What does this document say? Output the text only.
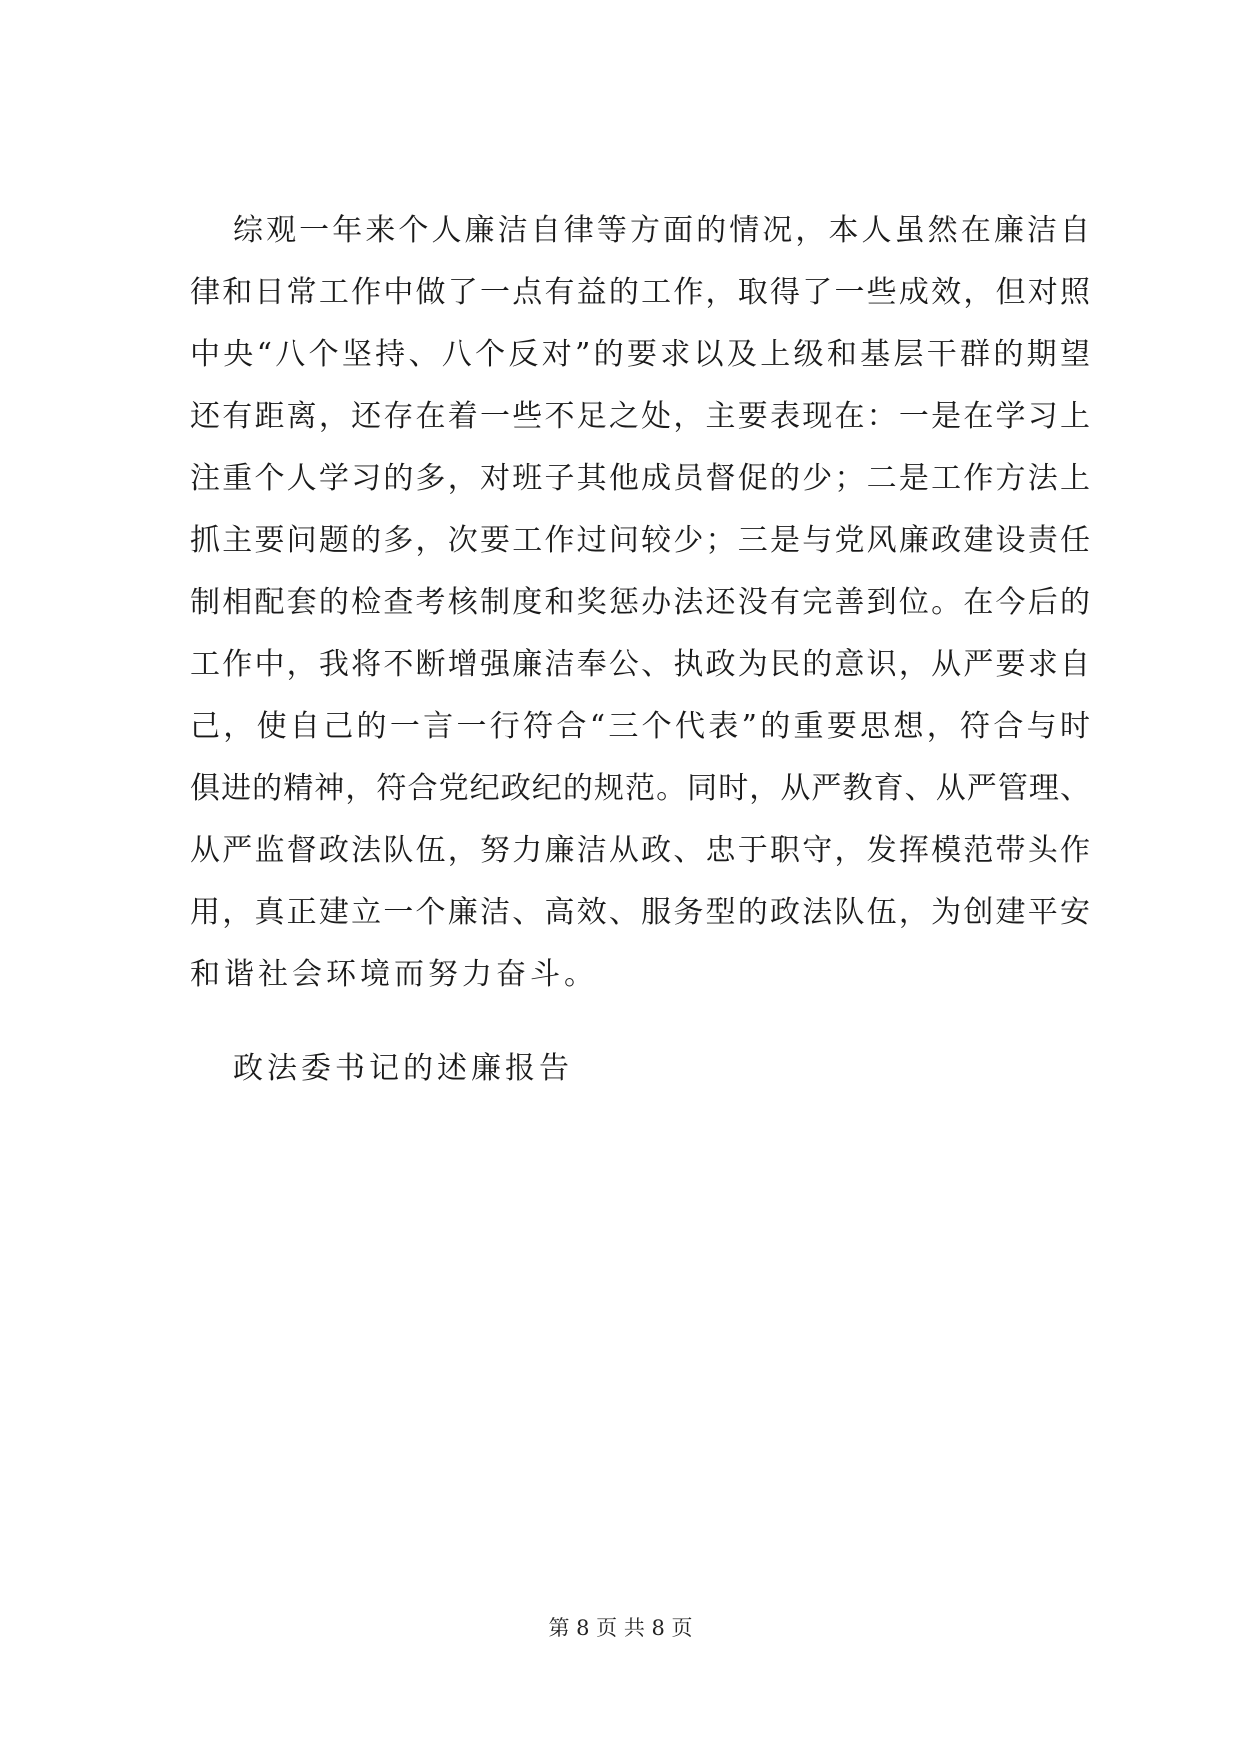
综观一年来个人廉洁自律等方面的情况，本人虽然在廉洁自
律和日常工作中做了一点有益的工作，取得了一些成效，但对照
中央“八个坚持、八个反对”的要求以及上级和基层干群的期望
还有距离，还存在着一些不足之处，主要表现在：一是在学习上
注重个人学习的多，对班子其他成员督促的少；二是工作方法上
抓主要问题的多，次要工作过问较少；三是与党风廉政建设责任
制相配套的检查考核制度和奖惩办法还没有完善到位。在今后的
工作中，我将不断增强廉洁奉公、执政为民的意识，从严要求自
己，使自己的一言一行符合“三个代表”的重要思想，符合与时
俱进的精神，符合党纪政纪的规范。同时，从严教育、从严管理、
从严监督政法队伍，努力廉洁从政、忠于职守，发挥模范带头作
用，真正建立一个廉洁、高效、服务型的政法队伍，为创建平安
和谐社会环境而努力奋斗。
政法委书记的述廉报告
第 8 页 共 8 页
